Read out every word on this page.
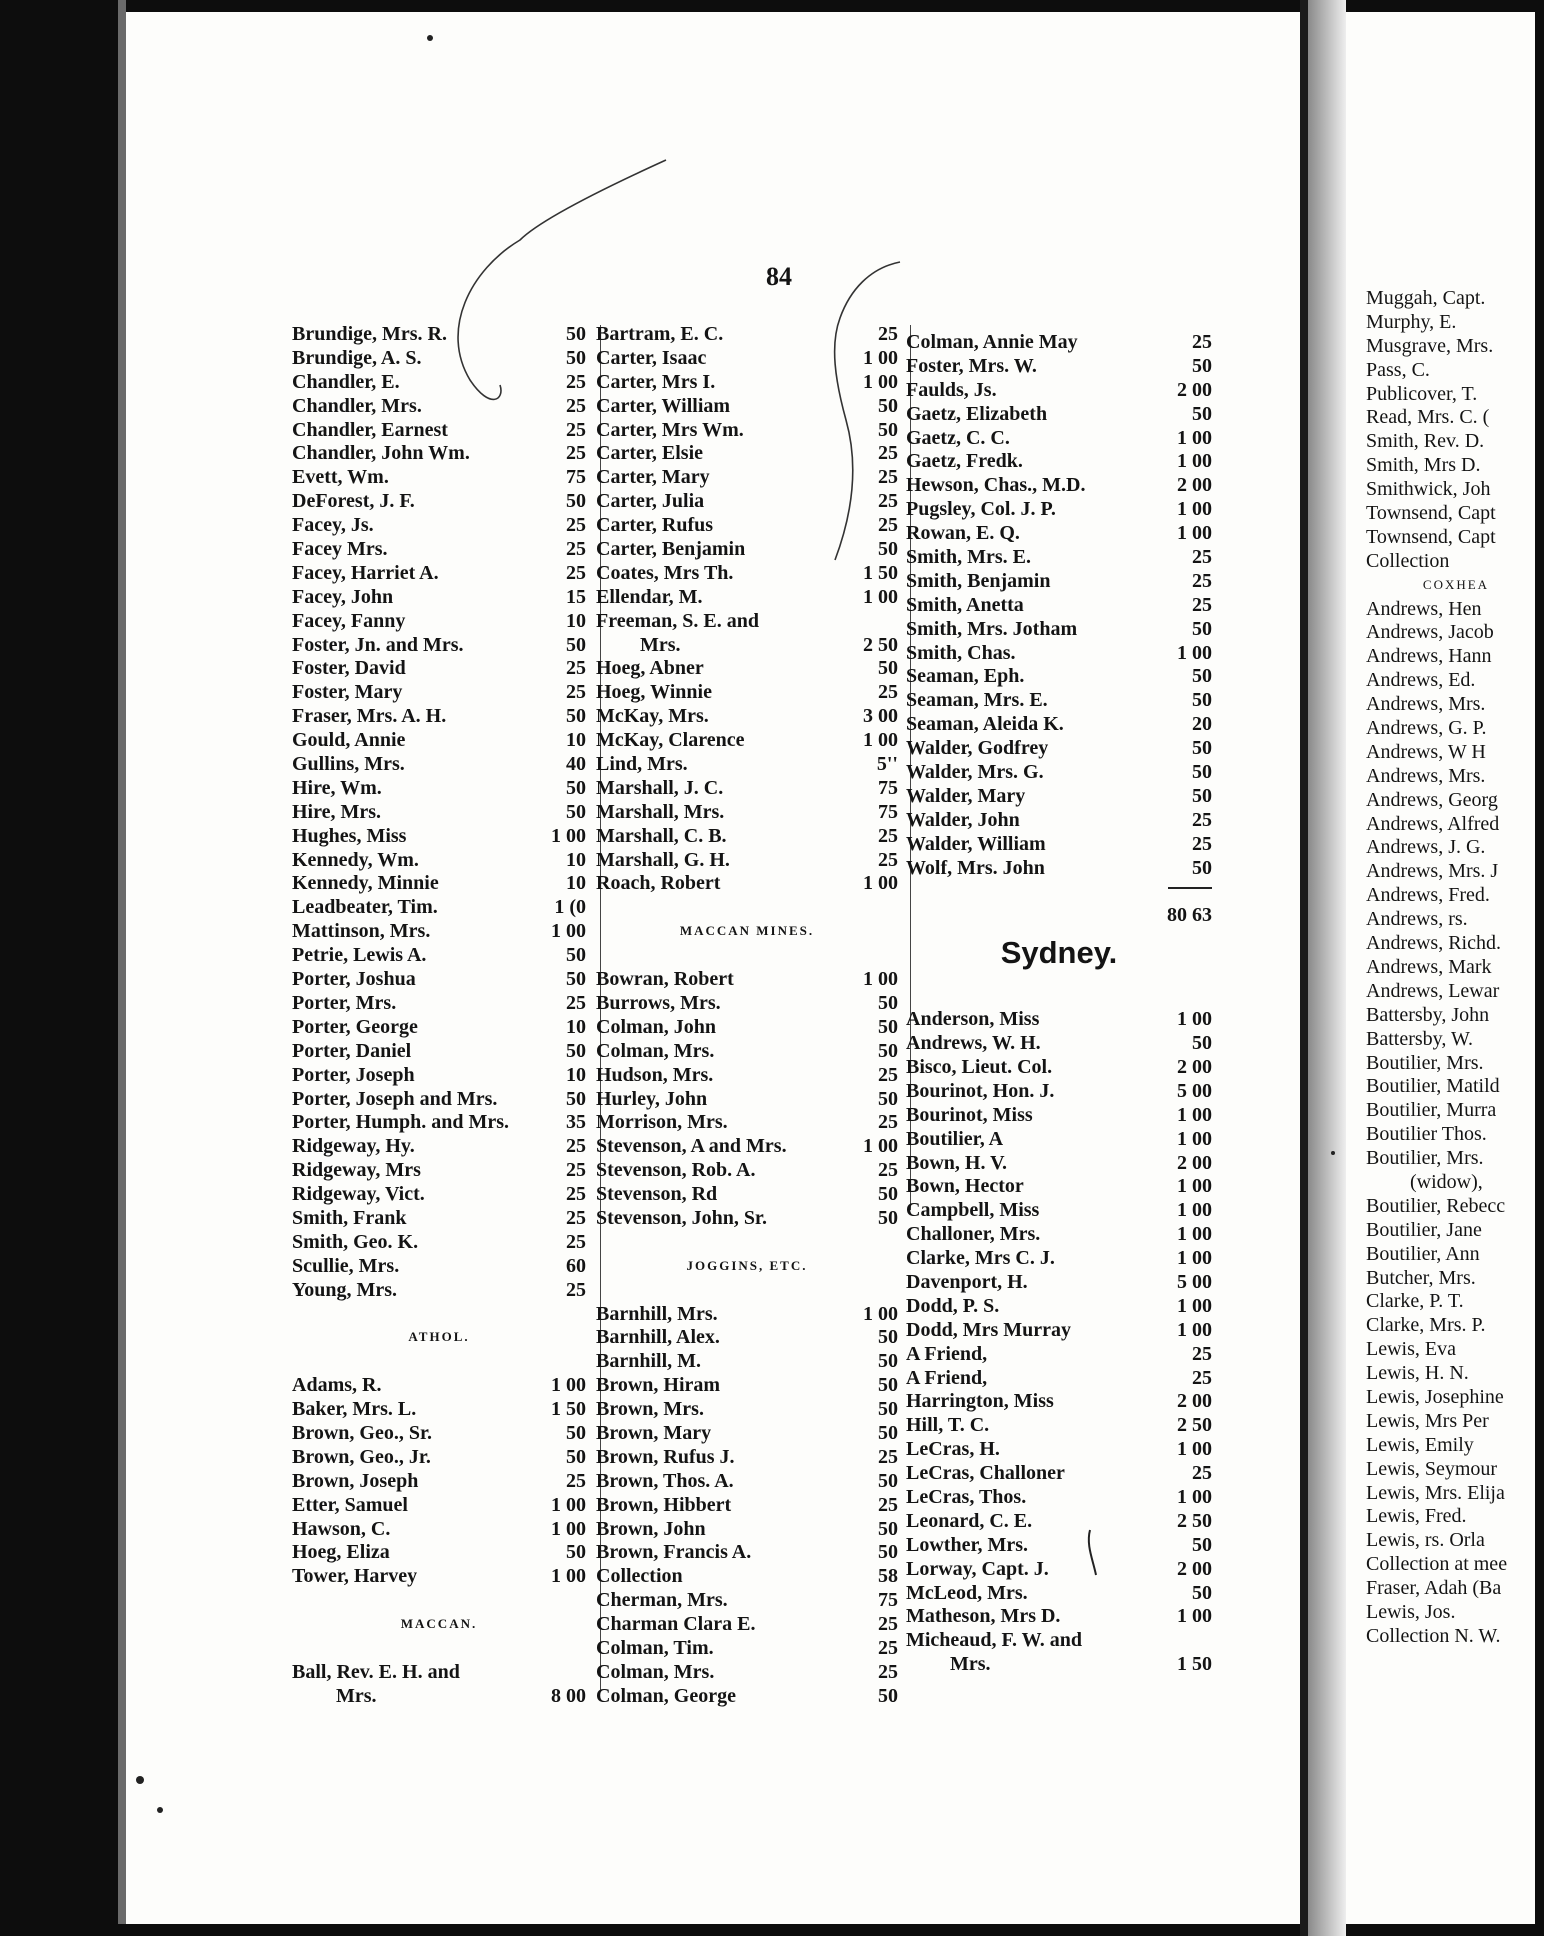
84
Brundige, Mrs. R.	50
Brundige, A. S.	50
Chandler, E.	25
Chandler, Mrs.	25
Chandler, Earnest	25
Chandler, John Wm.	25
Evett, Wm.	75
DeForest, J. F.	50
Facey, Js.	25
Facey Mrs.	25
Facey, Harriet A.	25
Facey, John	15
Facey, Fanny	10
Foster, Jn. and Mrs.	50
Foster, David	25
Foster, Mary	25
Fraser, Mrs. A. H.	50
Gould, Annie	10
Gullins, Mrs.	40
Hire, Wm.	50
Hire, Mrs.	50
Hughes, Miss	1 00
Kennedy, Wm.	10
Kennedy, Minnie	10
Leadbeater, Tim.	1 (0
Mattinson, Mrs.	1 00
Petrie, Lewis A.	50
Porter, Joshua	50
Porter, Mrs.	25
Porter, George	10
Porter, Daniel	50
Porter, Joseph	10
Porter, Joseph and Mrs.	50
Porter, Humph. and Mrs.	35
Ridgeway, Hy.	25
Ridgeway, Mrs	25
Ridgeway, Vict.	25
Smith, Frank	25
Smith, Geo. K.	25
Scullie, Mrs.	60
Young, Mrs.	25
ATHOL.
Adams, R.	1 00
Baker, Mrs. L.	1 50
Brown, Geo., Sr.	50
Brown, Geo., Jr.	50
Brown, Joseph	25
Etter, Samuel	1 00
Hawson, C.	1 00
Hoeg, Eliza	50
Tower, Harvey	1 00
MACCAN.
Ball, Rev. E. H. and
Mrs.	8 00
Bartram, E. C.	25
Carter, Isaac	1 00
Carter, Mrs I.	1 00
Carter, William	50
Carter, Mrs Wm.	50
Carter, Elsie	25
Carter, Mary	25
Carter, Julia	25
Carter, Rufus	25
Carter, Benjamin	50
Coates, Mrs Th.	1 50
Ellendar, M.	1 00
Freeman, S. E. and
Mrs.	2 50
Hoeg, Abner	50
Hoeg, Winnie	25
McKay, Mrs.	3 00
McKay, Clarence	1 00
Lind, Mrs.	5''
Marshall, J. C.	75
Marshall, Mrs.	75
Marshall, C. B.	25
Marshall, G. H.	25
Roach, Robert	1 00
MACCAN MINES.
Bowran, Robert	1 00
Burrows, Mrs.	50
Colman, John	50
Colman, Mrs.	50
Hudson, Mrs.	25
Hurley, John	50
Morrison, Mrs.	25
Stevenson, A and Mrs.	1 00
Stevenson, Rob. A.	25
Stevenson, Rd	50
Stevenson, John, Sr.	50
JOGGINS, ETC.
Barnhill, Mrs.	1 00
Barnhill, Alex.	50
Barnhill, M.	50
Brown, Hiram	50
Brown, Mrs.	50
Brown, Mary	50
Brown, Rufus J.	25
Brown, Thos. A.	50
Brown, Hibbert	25
Brown, John	50
Brown, Francis A.	50
Collection	58
Cherman, Mrs.	75
Charman Clara E.	25
Colman, Tim.	25
Colman, Mrs.	25
Colman, George	50
Colman, Annie May	25
Foster, Mrs. W.	50
Faulds, Js.	2 00
Gaetz, Elizabeth	50
Gaetz, C. C.	1 00
Gaetz, Fredk.	1 00
Hewson, Chas., M.D.	2 00
Pugsley, Col. J. P.	1 00
Rowan, E. Q.	1 00
Smith, Mrs. E.	25
Smith, Benjamin	25
Smith, Anetta	25
Smith, Mrs. Jotham	50
Smith, Chas.	1 00
Seaman, Eph.	50
Seaman, Mrs. E.	50
Seaman, Aleida K.	20
Walder, Godfrey	50
Walder, Mrs. G.	50
Walder, Mary	50
Walder, John	25
Walder, William	25
Wolf, Mrs. John	50
80 63
Sydney.
Anderson, Miss	1 00
Andrews, W. H.	50
Bisco, Lieut. Col.	2 00
Bourinot, Hon. J.	5 00
Bourinot, Miss	1 00
Boutilier, A	1 00
Bown, H. V.	2 00
Bown, Hector	1 00
Campbell, Miss	1 00
Challoner, Mrs.	1 00
Clarke, Mrs C. J.	1 00
Davenport, H.	5 00
Dodd, P. S.	1 00
Dodd, Mrs Murray	1 00
A Friend,	25
A Friend,	25
Harrington, Miss	2 00
Hill, T. C.	2 50
LeCras, H.	1 00
LeCras, Challoner	25
LeCras, Thos.	1 00
Leonard, C. E.	2 50
Lowther, Mrs.	50
Lorway, Capt. J.	2 00
McLeod, Mrs.	50
Matheson, Mrs D.	1 00
Micheaud, F. W. and
Mrs.	1 50
Muggah, Capt.
Murphy, E.
Musgrave, Mrs.
Pass, C.
Publicover, T.
Read, Mrs. C. (
Smith, Rev. D.
Smith, Mrs D.
Smithwick, Joh
Townsend, Capt
Townsend, Capt
Collection
COXHEA
Andrews, Hen
Andrews, Jacob
Andrews, Hann
Andrews, Ed.
Andrews, Mrs.
Andrews, G. P.
Andrews, W H
Andrews, Mrs.
Andrews, Georg
Andrews, Alfred
Andrews, J. G.
Andrews, Mrs. J
Andrews, Fred.
Andrews, rs.
Andrews, Richd.
Andrews, Mark
Andrews, Lewar
Battersby, John
Battersby, W.
Boutilier, Mrs.
Boutilier, Matild
Boutilier, Murra
Boutilier Thos.
Boutilier, Mrs.
(widow),
Boutilier, Rebecc
Boutilier, Jane
Boutilier, Ann
Butcher, Mrs.
Clarke, P. T.
Clarke, Mrs. P.
Lewis, Eva
Lewis, H. N.
Lewis, Josephine
Lewis, Mrs Per
Lewis, Emily
Lewis, Seymour
Lewis, Mrs. Elija
Lewis, Fred.
Lewis, rs. Orla
Collection at mee
Fraser, Adah (Ba
Lewis, Jos.
Collection N. W.
